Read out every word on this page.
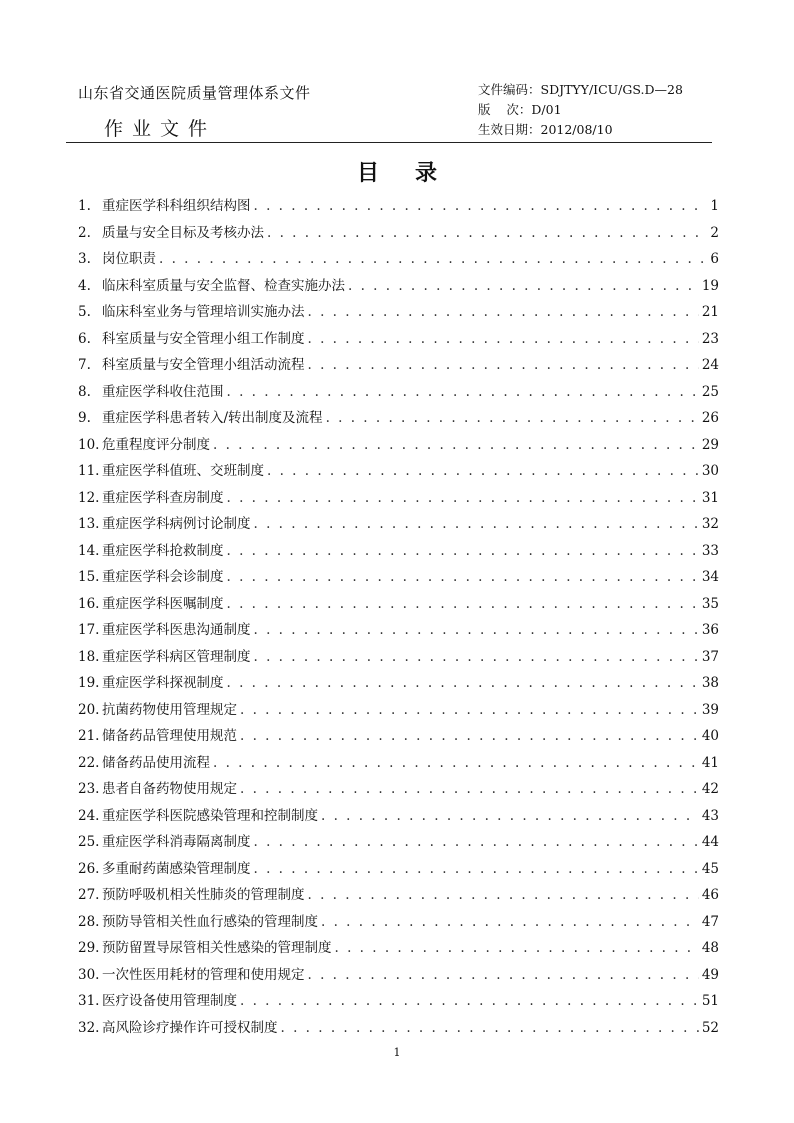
山东省交通医院质量管理体系文件
作业文件
文件编码：SDJTYY/ICU/GS.D—28
版    次：D/01
生效日期：2012/08/10
目录
1. 重症医学科科组织结构图 . . .	1
2. 质量与安全目标及考核办法 . . .	2
3. 岗位职责 . . .	6
4. 临床科室质量与安全监督、检查实施办法 . . .	19
5. 临床科室业务与管理培训实施办法 . . .	21
6. 科室质量与安全管理小组工作制度 . . .	23
7. 科室质量与安全管理小组活动流程 . . .	24
8. 重症医学科收住范围 . . .	25
9. 重症医学科患者转入/转出制度及流程 . . .	26
10. 危重程度评分制度 . . .	29
11. 重症医学科值班、交班制度 . . .	30
12. 重症医学科查房制度 . . .	31
13. 重症医学科病例讨论制度 . . .	32
14. 重症医学科抢救制度 . . .	33
15. 重症医学科会诊制度 . . .	34
16. 重症医学科医嘱制度 . . .	35
17. 重症医学科医患沟通制度 . . .	36
18. 重症医学科病区管理制度 . . .	37
19. 重症医学科探视制度 . . .	38
20. 抗菌药物使用管理规定 . . .	39
21. 储备药品管理使用规范 . . .	40
22. 储备药品使用流程 . . .	41
23. 患者自备药物使用规定 . . .	42
24. 重症医学科医院感染管理和控制制度 . . .	43
25. 重症医学科消毒隔离制度 . . .	44
26. 多重耐药菌感染管理制度 . . .	45
27. 预防呼吸机相关性肺炎的管理制度 . . .	46
28. 预防导管相关性血行感染的管理制度 . . .	47
29. 预防留置导尿管相关性感染的管理制度 . . .	48
30. 一次性医用耗材的管理和使用规定 . . .	49
31. 医疗设备使用管理制度 . . .	51
32. 高风险诊疗操作许可授权制度 . . .	52
1
